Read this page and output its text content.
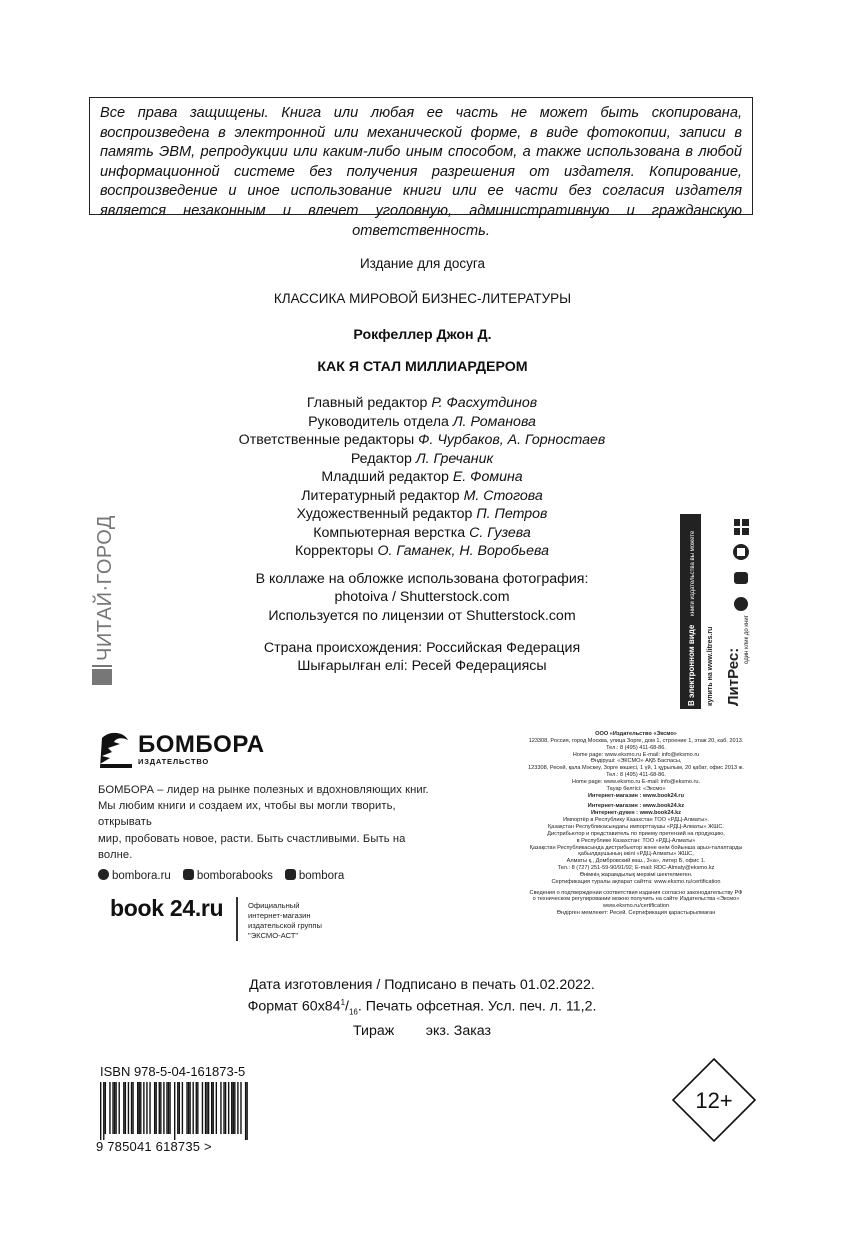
Все права защищены. Книга или любая ее часть не может быть скопирована, воспроизведена в электронной или механической форме, в виде фотокопии, записи в память ЭВМ, репродукции или каким-либо иным способом, а также использована в любой информационной системе без получения разрешения от издателя. Копирование, воспроизведение и иное использование книги или ее части без согласия издателя является незаконным и влечет уголовную, административную и гражданскую ответственность.
Издание для досуга
КЛАССИКА МИРОВОЙ БИЗНЕС-ЛИТЕРАТУРЫ
Рокфеллер Джон Д.
КАК Я СТАЛ МИЛЛИАРДЕРОМ
Главный редактор Р. Фасхутдинов
Руководитель отдела Л. Романова
Ответственные редакторы Ф. Чурбаков, А. Горностаев
Редактор Л. Гречаник
Младший редактор Е. Фомина
Литературный редактор М. Стогова
Художественный редактор П. Петров
Компьютерная верстка С. Гузева
Корректоры О. Гаманек, Н. Воробьева
В коллаже на обложке использована фотография:
photoiva / Shutterstock.com
Используется по лицензии от Shutterstock.com
Страна происхождения: Российская Федерация
Шығарылған елі: Ресей Федерациясы
ЧИТАЙ·ГОРОД
В электронном виде
книги издательства вы можете
купить на www.litres.ru ЛитРес:
один клик до книг
БОМБОРА
ИЗДАТЕЛЬСТВО
БОМБОРА – лидер на рынке полезных и вдохновляющих книг.
Мы любим книги и создаем их, чтобы вы могли творить, открывать
мир, пробовать новое, расти. Быть счастливыми. Быть на волне.
bombora.ru	bomborabooks	bombora
ООО «Издательство «Эксмо»
123308, Россия, город Москва, улица Зорге, дом 1, строение 1, этаж 20, каб. 2013.
Тел.: 8 (495) 411-68-86.
Home page: www.eksmo.ru E-mail: info@eksmo.ru
Өндіруші: «ЭКСМО» АҚБ Баспасы,
123308, Ресей, қала Мәскеу, Зорге көшесі, 1 үй, 1 құрылым, 20 қабат, офис 2013 ж.
Тел.: 8 (495) 411-68-86.
Home page: www.eksmo.ru E-mail: info@eksmo.ru.
Тауар белгісі: «Эксмо»
Интернет-магазин : www.book24.ru

Интернет-магазин : www.book24.kz
Интернет-дүкен : www.book24.kz
Импортёр в Республику Казахстан ТОО «РДЦ-Алматы».
Қазақстан Республикасындағы импорттаушы «РДЦ-Алматы» ЖШС.
Дистрибьютор и представитель по приему претензий на продукцию,
в Республике Казахстан: ТОО «РДЦ-Алматы»
Қазақстан Республикасында дистрибьютор және өнім бойынша арыз-талаптарды
қабылдаушының өкілі «РДЦ-Алматы» ЖШС,
Алматы қ., Домбровский көш., 3«а», литер Б, офис 1.
Тел.: 8 (727) 251-59-90/91/92; E-mail: RDC-Almaty@eksmo.kz
Өнімнің жарамдылық мерзімі шектелмеген.
Сертификация туралы ақпарат сайтта: www.eksmo.ru/certification

Сведения о подтверждении соответствия издания согласно законодательству РФ
о техническом регулировании можно получить на сайте Издательства «Эксмо»
www.eksmo.ru/certification
Өндірген мемлекет: Ресей. Сертификация қарастырылмаған
book 24.ru	Официальный
интернет-магазин
издательской группы
"ЭКСМО-АСТ"
Дата изготовления / Подписано в печать 01.02.2022.
Формат $60х84^1/_{16}$. Печать офсетная. Усл. печ. л. 11,2.
Тираж        экз. Заказ
ISBN 978-5-04-161873-5
9 785041 618735 >
12+
